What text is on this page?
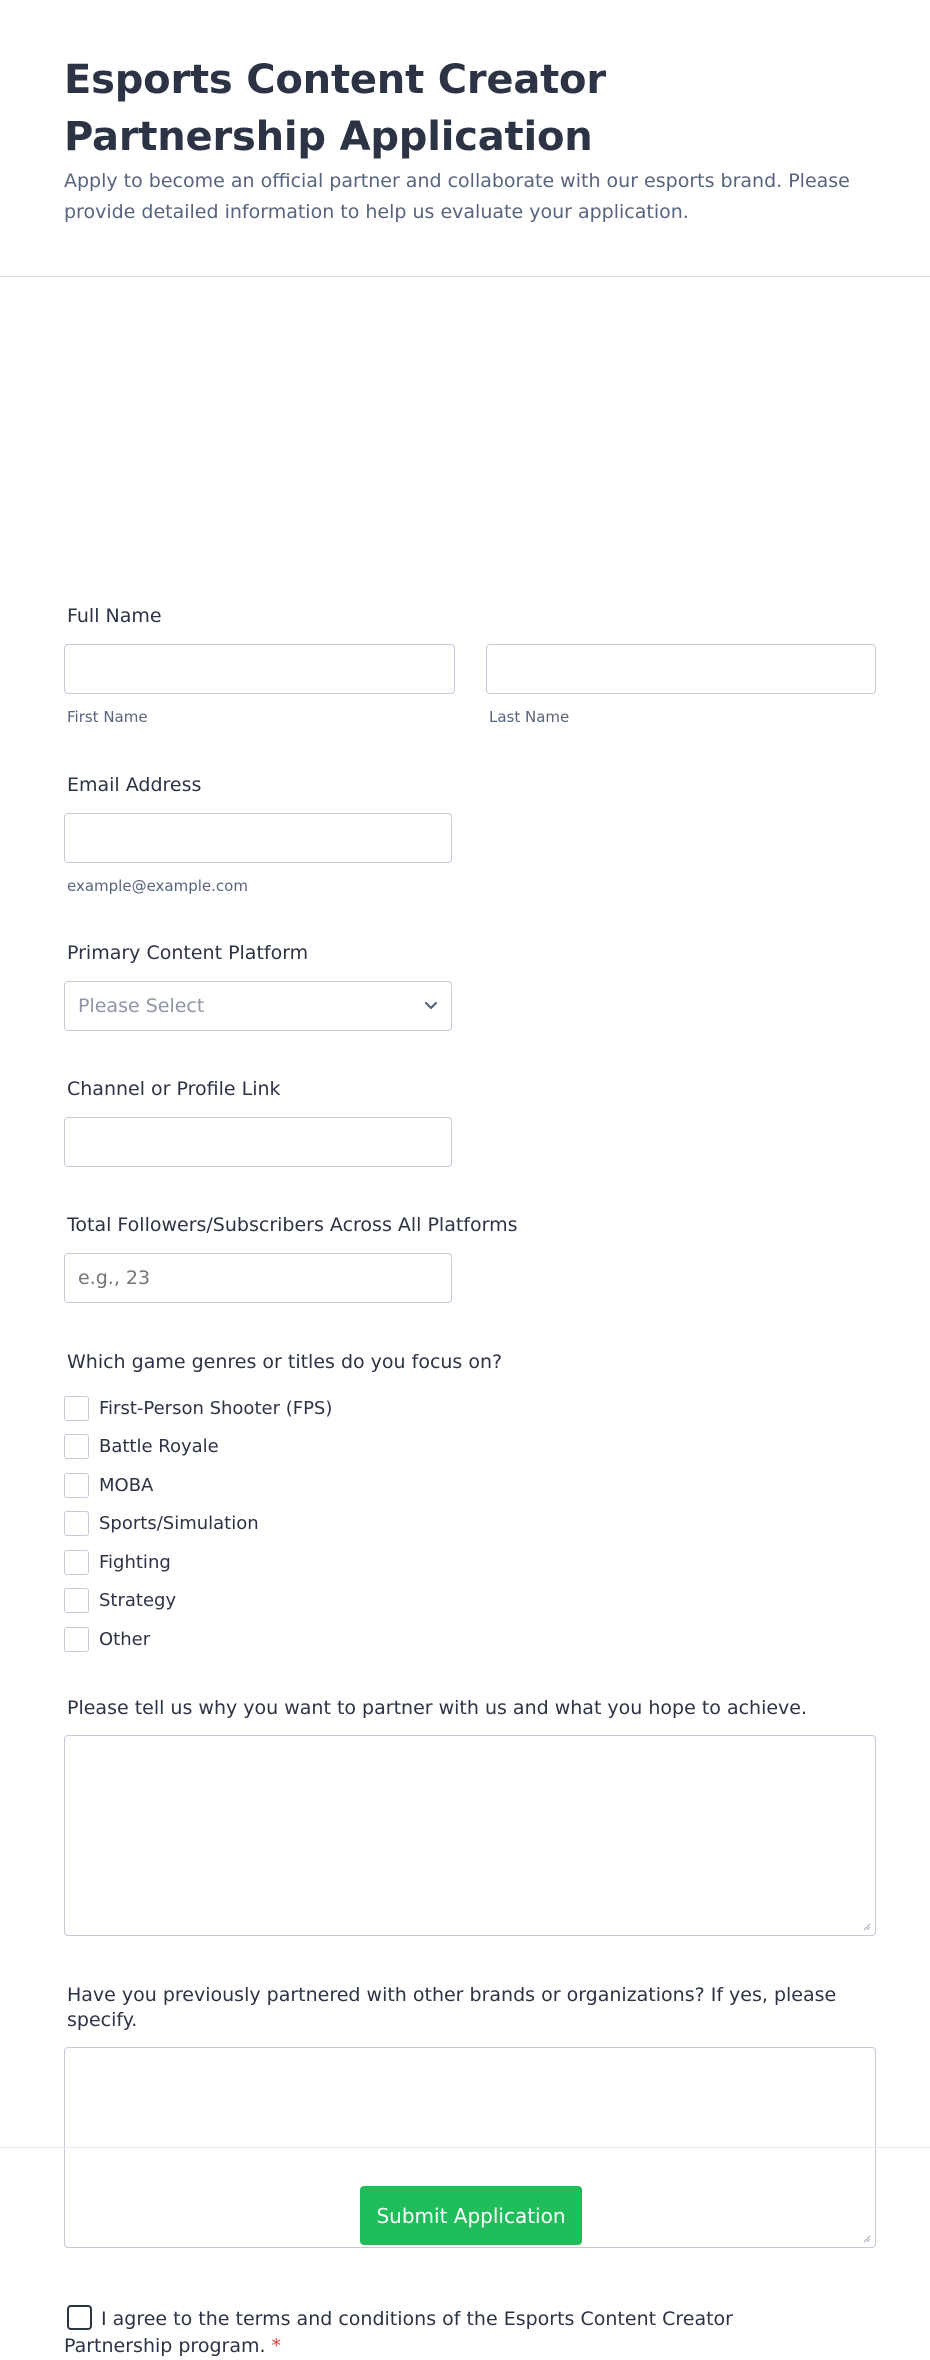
Esports Content Creator Partnership Application

Apply to become an official partner and collaborate with our esports brand. Please provide detailed information to help us evaluate your application.

Full Name
First Name	Last Name
Email Address
example@example.com
Primary Content Platform
Please Select
Channel or Profile Link
Total Followers/Subscribers Across All Platforms
e.g., 23
Which game genres or titles do you focus on?
First-Person Shooter (FPS)
Battle Royale
MOBA
Sports/Simulation
Fighting
Strategy
Other
Please tell us why you want to partner with us and what you hope to achieve.
Have you previously partnered with other brands or organizations? If yes, please specify.
I agree to the terms and conditions of the Esports Content Creator Partnership program. *
Submit Application
